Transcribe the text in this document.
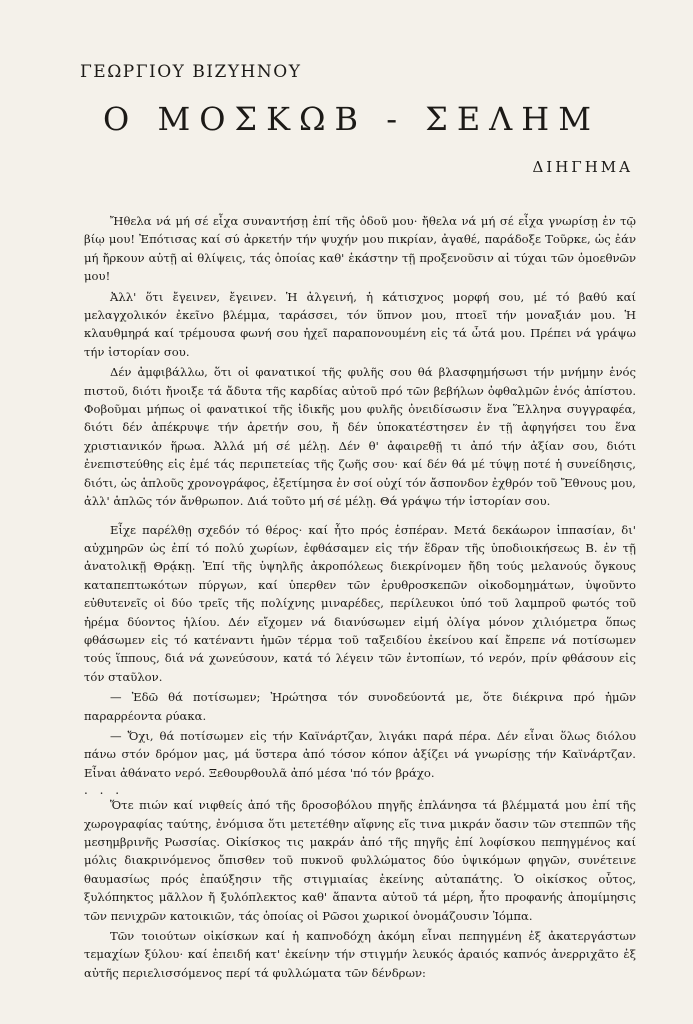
ΓΕΩΡΓΙΟΥ ΒΙΖΥΗΝΟΥ
Ο ΜΟΣΚΩΒ - ΣΕΛΗΜ
ΔΙΗΓΗΜΑ

Ἤθελα νά μή σέ εἶχα συναντήσῃ ἐπί τῆς ὁδοῦ μου· ἤθελα νά μή σέ εἶχα γνωρίσῃ ἐν τῷ βίῳ μου! Ἐπότισας καί σύ ἀρκετήν τήν ψυχήν μου πικρίαν, ἀγαθέ, παράδοξε Τοῦρκε, ὡς ἐάν μή ἤρκουν αὐτῇ αἱ θλίψεις, τάς ὁποίας καθ' ἑκάστην τῇ προξενοῦσιν αἱ τύχαι τῶν ὁμοεθνῶν μου!

Ἀλλ' ὅτι ἔγεινεν, ἔγεινεν. Ἡ ἀλγεινή, ἡ κάτισχνος μορφή σου, μέ τό βαθύ καί μελαγχολικόν ἐκεῖνο βλέμμα, ταράσσει, τόν ὕπνον μου, πτοεῖ τήν μοναξιάν μου. Ἡ κλαυθμηρά καί τρέμουσα φωνή σου ἠχεῖ παραπονουμένη εἰς τά ὦτά μου. Πρέπει νά γράψω τήν ἱστορίαν σου.

Δέν ἀμφιβάλλω, ὅτι οἱ φανατικοί τῆς φυλῆς σου θά βλασφημήσωσι τήν μνήμην ἑνός πιστοῦ, διότι ἤνοιξε τά ἄδυτα τῆς καρδίας αὐτοῦ πρό τῶν βεβήλων ὀφθαλμῶν ἑνός ἀπίστου. Φοβοῦμαι μήπως οἱ φανατικοί τῆς ἰδικῆς μου φυλῆς ὀνειδίσωσιν ἕνα Ἕλληνα συγγραφέα, διότι δέν ἀπέκρυψε τήν ἀρετήν σου, ἤ δέν ὑποκατέστησεν ἐν τῇ ἀφηγήσει του ἕνα χριστιανικόν ἥρωα. Ἀλλά μή σέ μέλῃ. Δέν θ' ἀφαιρεθῇ τι ἀπό τήν ἀξίαν σου, διότι ἐνεπιστεύθης εἰς ἐμέ τάς περιπετείας τῆς ζωῆς σου· καί δέν θά μέ τύψῃ ποτέ ἡ συνείδησις, διότι, ὡς ἁπλοῦς χρονογράφος, ἐξετίμησα ἐν σοί οὐχί τόν ἄσπονδον ἐχθρόν τοῦ Ἔθνους μου, ἀλλ' ἁπλῶς τόν ἄνθρωπον. Διά τοῦτο μή σέ μέλῃ. Θά γράψω τήν ἱστορίαν σου.

Εἶχε παρέλθῃ σχεδόν τό θέρος· καί ἦτο πρός ἑσπέραν. Μετά δεκάωρον ἱππασίαν, δι' αὐχμηρῶν ὡς ἐπί τό πολύ χωρίων, ἐφθάσαμεν εἰς τήν ἕδραν τῆς ὑποδιοικήσεως Β. ἐν τῇ ἀνατολικῇ Θρᾴκῃ. Ἐπί τῆς ὑψηλῆς ἀκροπόλεως διεκρίνομεν ἤδη τούς μελανούς ὄγκους καταπεπτωκότων πύργων, καί ὑπερθεν τῶν ἐρυθροσκεπῶν οἰκοδομημάτων, ὑψοῦντο εὐθυτενεῖς οἱ δύο τρεῖς τῆς πολίχνης μιναρέδες, περίλευκοι ὑπό τοῦ λαμπροῦ φωτός τοῦ ἠρέμα δύοντος ἡλίου. Δέν εἴχομεν νά διανύσωμεν εἰμή ὀλίγα μόνον χιλιόμετρα ὅπως φθάσωμεν εἰς τό κατέναντι ἡμῶν τέρμα τοῦ ταξειδίου ἐκείνου καί ἔπρεπε νά ποτίσωμεν τούς ἵππους, διά νά χωνεύσουν, κατά τό λέγειν τῶν ἐντοπίων, τό νερόν, πρίν φθάσουν εἰς τόν σταῦλον.

— Ἐδῶ θά ποτίσωμεν; Ἠρώτησα τόν συνοδεύοντά με, ὅτε διέκρινα πρό ἡμῶν παραρρέοντα ρύακα.

— Ὄχι, θά ποτίσωμεν εἰς τήν Καϊνάρτζαν, λιγάκι παρά πέρα. Δέν εἶναι ὅλως διόλου πάνω στόν δρόμον μας, μά ὕστερα ἀπό τόσον κόπον ἀξίζει νά γνωρίσῃς τήν Καϊνάρτζαν. Εἶναι ἀθάνατο νερό. Ξεθουρθουλᾶ ἀπό μέσα 'πό τόν βράχο.

. . .

Ὅτε πιών καί νιφθείς ἀπό τῆς δροσοβόλου πηγῆς ἐπλάνησα τά βλέμματά μου ἐπί τῆς χωρογραφίας ταύτης, ἐνόμισα ὅτι μετετέθην αἴφνης εἴς τινα μικράν ὄασιν τῶν στεππῶν τῆς μεσημβρινῆς Ρωσσίας. Οἰκίσκος τις μακράν ἀπό τῆς πηγῆς ἐπί λοφίσκου πεπηγμένος καί μόλις διακρινόμενος ὄπισθεν τοῦ πυκνοῦ φυλλώματος δύο ὑψικόμων φηγῶν, συνέτεινε θαυμασίως πρός ἐπαύξησιν τῆς στιγμιαίας ἐκείνης αὐταπάτης. Ὁ οἰκίσκος οὗτος, ξυλόπηκτος μᾶλλον ἤ ξυλόπλεκτος καθ' ἅπαντα αὐτοῦ τά μέρη, ἦτο προφανής ἀπομίμησις τῶν πενιχρῶν κατοικιῶν, τάς ὁποίας οἱ Ρῶσοι χωρικοί ὀνομάζουσιν Ἰόμπα.

Τῶν τοιούτων οἰκίσκων καί ἡ καπνοδόχη ἀκόμη εἶναι πεπηγμένη ἐξ ἀκατεργάστων τεμαχίων ξύλου· καί ἐπειδή κατ' ἐκείνην τήν στιγμήν λευκός ἀραιός καπνός ἀνερριχᾶτο ἐξ αὐτῆς περιελισσόμενος περί τά φυλλώματα τῶν δένδρων:
